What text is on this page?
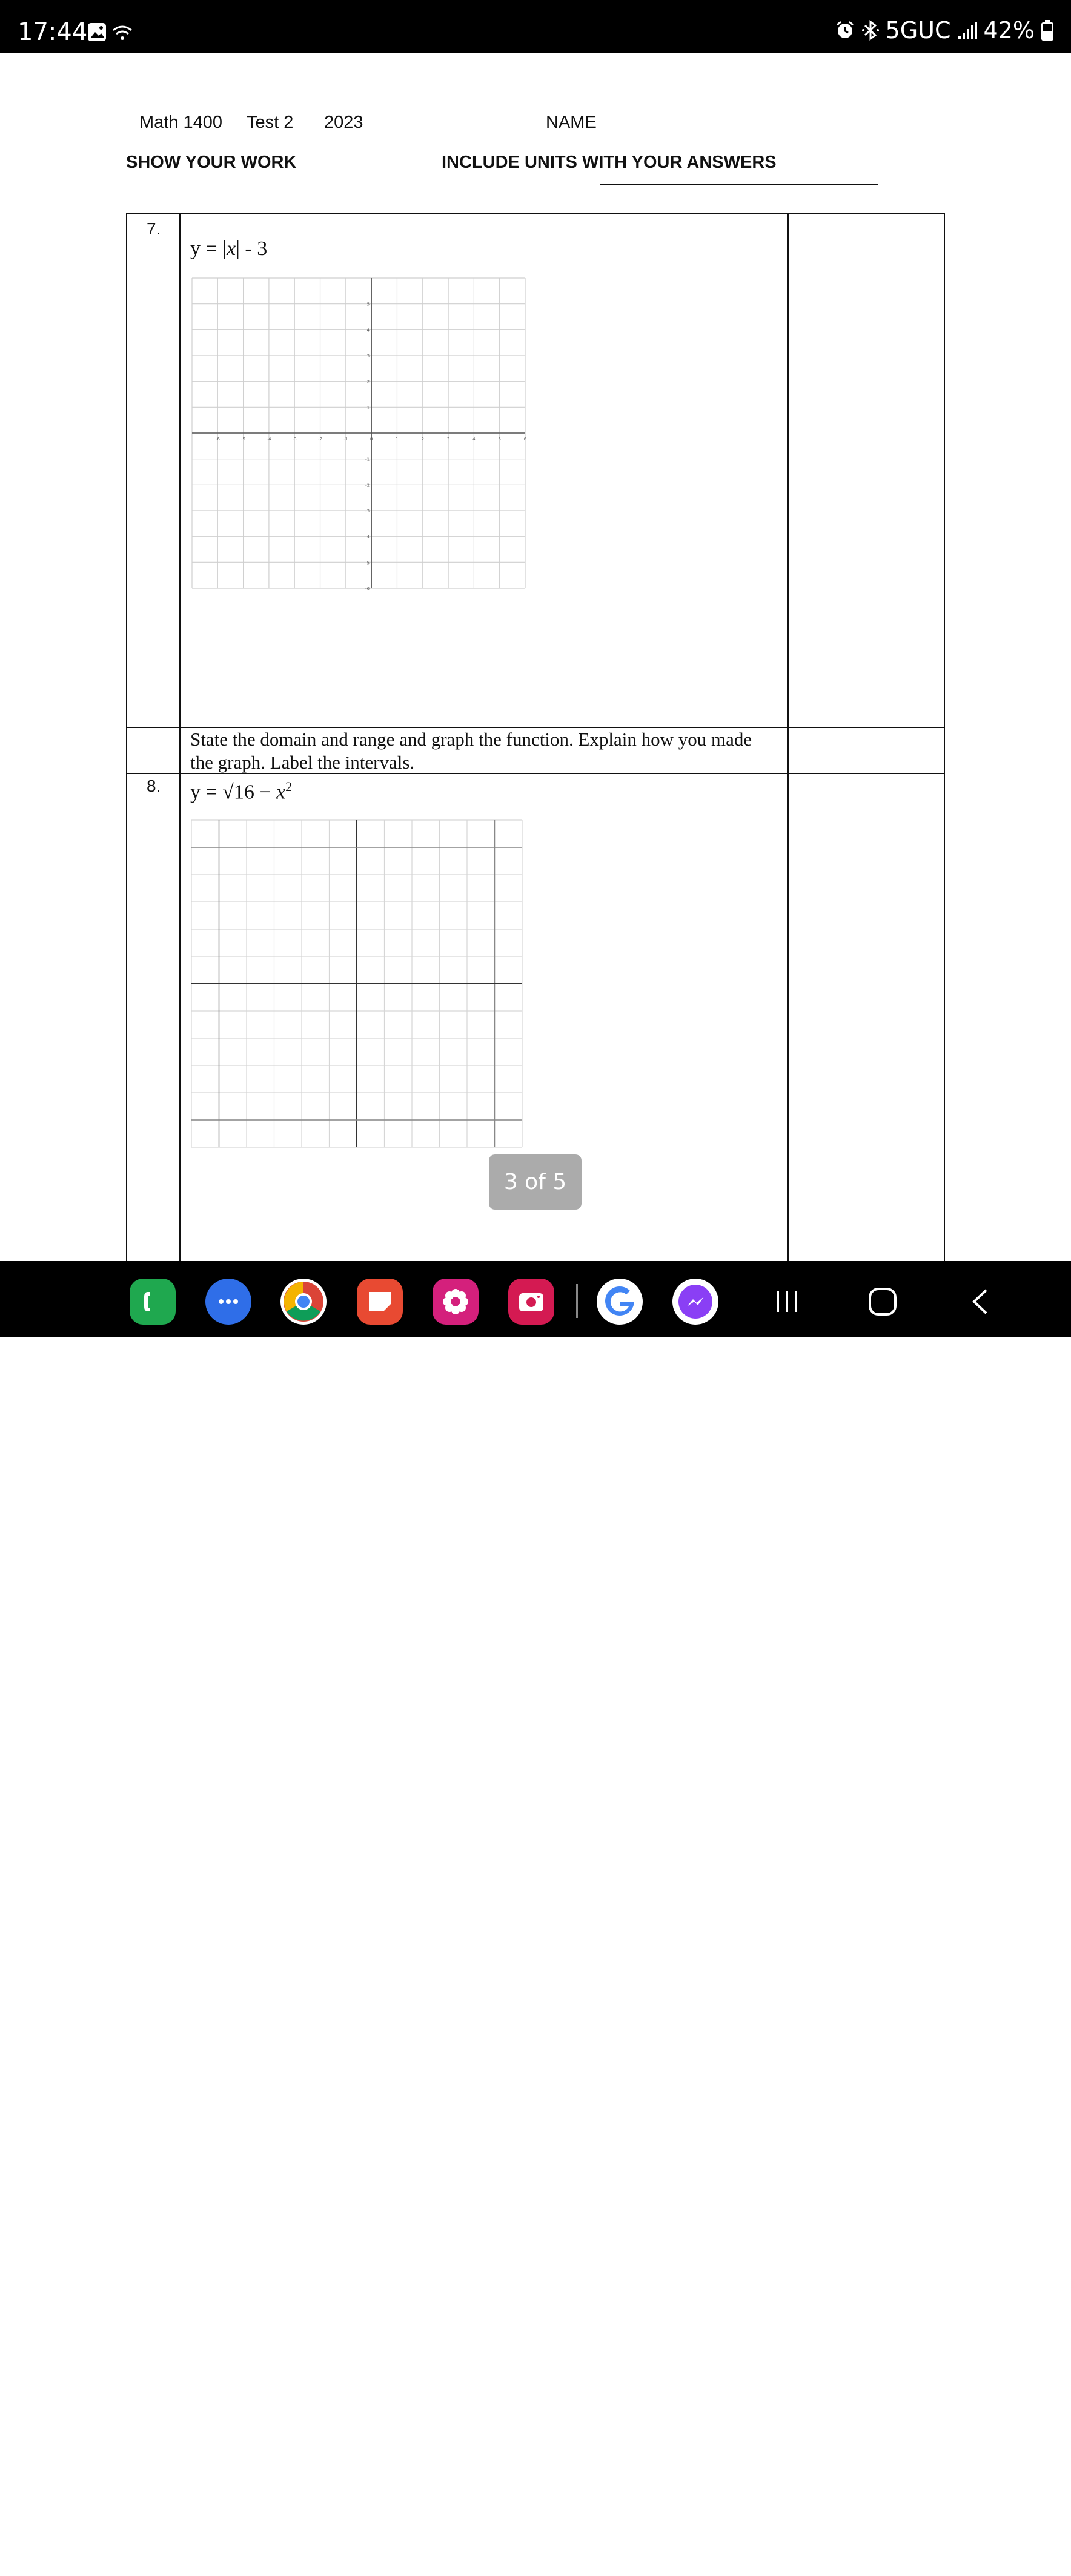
17:44	5GUC 42%
Math 1400 Test 2 2023	NAME
SHOW YOUR WORK	INCLUDE UNITS WITH YOUR ANSWERS
7.
y = |x| - 3
-6	-5	-4	-3	-2	-1	0	1	2	3	4	5	6
5
4
3
2
1
-1
-2
-3
-4
-5
-6
State the domain and range and graph the function. Explain how you made the graph. Label the intervals.
8. $y = √16 - x^2$
3 of 5
